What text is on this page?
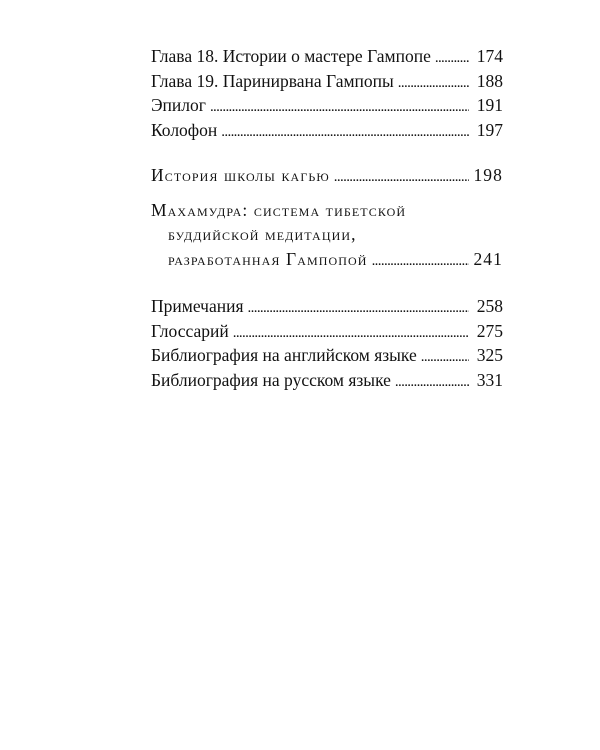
Глава 18. Истории о мастере Гампопе . . .	174
Глава 19. Паринирвана Гампопы . . .	188
Эпилог . . .	191
Колофон . . .	197
История школы кагью . . .	198
Махамудра: система тибетской
буддийской медитации,
разработанная Гампопой . . .	241
Примечания . . .	258
Глоссарий . . .	275
Библиография на английском языке . . .	325
Библиография на русском языке . . .	331
